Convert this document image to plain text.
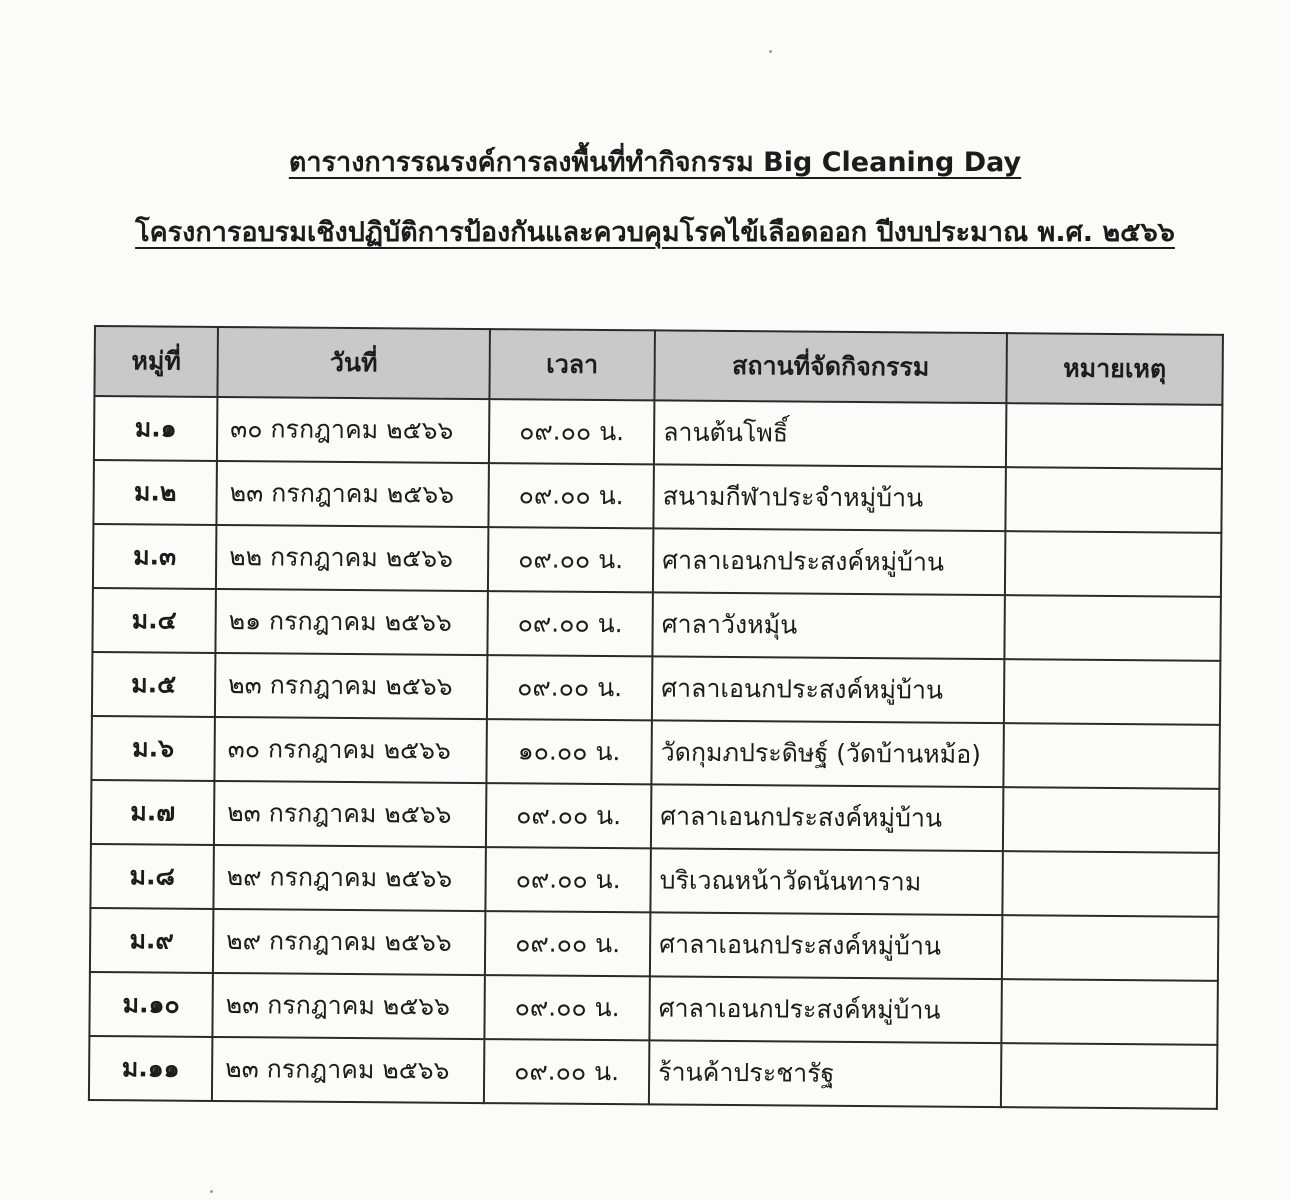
ตารางการรณรงค์การลงพื้นที่ทำกิจกรรม Big Cleaning Day
โครงการอบรมเชิงปฏิบัติการป้องกันและควบคุมโรคไข้เลือดออก ปีงบประมาณ พ.ศ. ๒๕๖๖
หมู่ที่	วันที่	เวลา	สถานที่จัดกิจกรรม	หมายเหตุ
ม.๑	๓๐ กรกฎาคม ๒๕๖๖	๐๙.๐๐ น.	ลานต้นโพธิ์	
ม.๒	๒๓ กรกฎาคม ๒๕๖๖	๐๙.๐๐ น.	สนามกีฬาประจำหมู่บ้าน	
ม.๓	๒๒ กรกฎาคม ๒๕๖๖	๐๙.๐๐ น.	ศาลาเอนกประสงค์หมู่บ้าน	
ม.๔	๒๑ กรกฎาคม ๒๕๖๖	๐๙.๐๐ น.	ศาลาวังหมุ้น	
ม.๕	๒๓ กรกฎาคม ๒๕๖๖	๐๙.๐๐ น.	ศาลาเอนกประสงค์หมู่บ้าน	
ม.๖	๓๐ กรกฎาคม ๒๕๖๖	๑๐.๐๐ น.	วัดกุมภประดิษฐ์ (วัดบ้านหม้อ)	
ม.๗	๒๓ กรกฎาคม ๒๕๖๖	๐๙.๐๐ น.	ศาลาเอนกประสงค์หมู่บ้าน	
ม.๘	๒๙ กรกฎาคม ๒๕๖๖	๐๙.๐๐ น.	บริเวณหน้าวัดนันทาราม	
ม.๙	๒๙ กรกฎาคม ๒๕๖๖	๐๙.๐๐ น.	ศาลาเอนกประสงค์หมู่บ้าน	
ม.๑๐	๒๓ กรกฎาคม ๒๕๖๖	๐๙.๐๐ น.	ศาลาเอนกประสงค์หมู่บ้าน	
ม.๑๑	๒๓ กรกฎาคม ๒๕๖๖	๐๙.๐๐ น.	ร้านค้าประชารัฐ	
